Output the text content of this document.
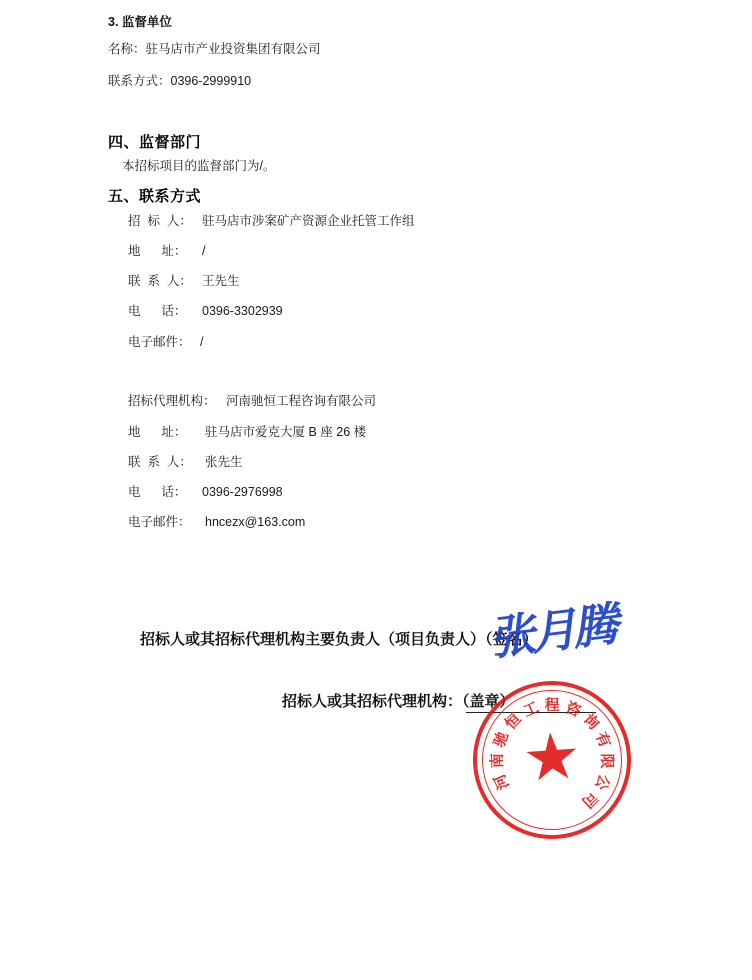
3. 监督单位
名称：驻马店市产业投资集团有限公司
联系方式：0396-2999910
四、监督部门
本招标项目的监督部门为/。
五、联系方式
招  标  人： 驻马店市涉案矿产资源企业托管工作组
地      址： /
联  系  人： 王先生
电      话： 0396-3302939
电子邮件： /
招标代理机构： 河南驰恒工程咨询有限公司
地      址： 驻马店市爱克大厦 B 座 26 楼
联  系  人： 张先生
电      话： 0396-2976998
电子邮件： hncezx@163.com
招标人或其招标代理机构主要负责人（项目负责人）（签名）
招标人或其招标代理机构：（盖章）
张月腾
河
南
驰
恒
工 程 咨
询
有
限
公
司
